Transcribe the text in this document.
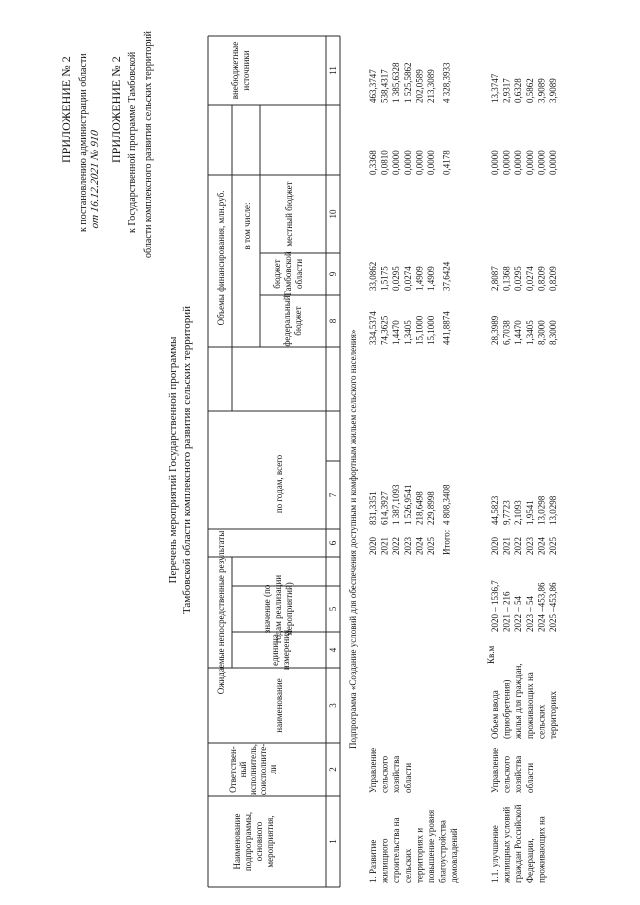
ПРИЛОЖЕНИЕ № 2 к постановлению администрации области от 16.12.2021 № 910
ПРИЛОЖЕНИЕ № 2 к Государственной программе Тамбовской области комплексного развития сельских территорий
Перечень мероприятий Государственной программы Тамбовской области комплексного развития сельских территорий
Наименование подпрограммы, основного мероприятия,
Ответствен- ный исполнитель, соисполните- ли
Ожидаемые непосредственные результаты
наименование
единица измерения
значение (по годам реализации мероприятий)
Объемы финансирования, млн.руб.
по годам, всего
в том числе:
федеральный бюджет
бюджет Тамбовской области
местный бюджет
внебюджетные источники
1
2
3
4
5
6
7
8
9
10
11
Подпрограмма «Создание условий для обеспечения доступным и комфортным жильем сельского населения»
1. Развитие жилищного строительства на сельских территориях и повышение уровня благоустройства домовладений
Управление сельского хозяйства области
2020 2021 2022 2023 2024 2025
831,3351 614,3927 1 387,1093 1 526,9541 218,6498 229,8998
334,5374 74,3625 1,4470 1,3405 15,1000 15,1000
33,0862 1,5175 0,0295 0,0274 1,4909 1,4909
0,3368 0,0810 0,0000 0,0000 0,0000 0,0000
463,3747 538,4317 1 385,6328 1 525,5862 202,0589 213,3089
Итого:
4 808,3408
441,8874
37,6424
0,4178
4 328,3933
1.1. улучшение жилищных условий граждан Российской Федерации, проживающих на
Управление сельского хозяйства области
Объем ввода (приобретения) жилья для граждан, проживающих на сельских территориях
Кв.м
2020 – 1536,7 2021 – 216 2022 – 54 2023 – 54 2024 –453,86 2025 –453,86
2020 2021 2022 2023 2024 2025
44,5823 9,7723 2,1093 1,9541 13,0298 13,0298
28,3989 6,7038 1,4470 1,3405 8,3000 8,3000
2,8087 0,1368 0,0295 0,0274 0,8209 0,8209
0,0000 0,0000 0,0000 0,0000 0,0000 0,0000
13,3747 2,9317 0,6328 0,5862 3,9089 3,9089
